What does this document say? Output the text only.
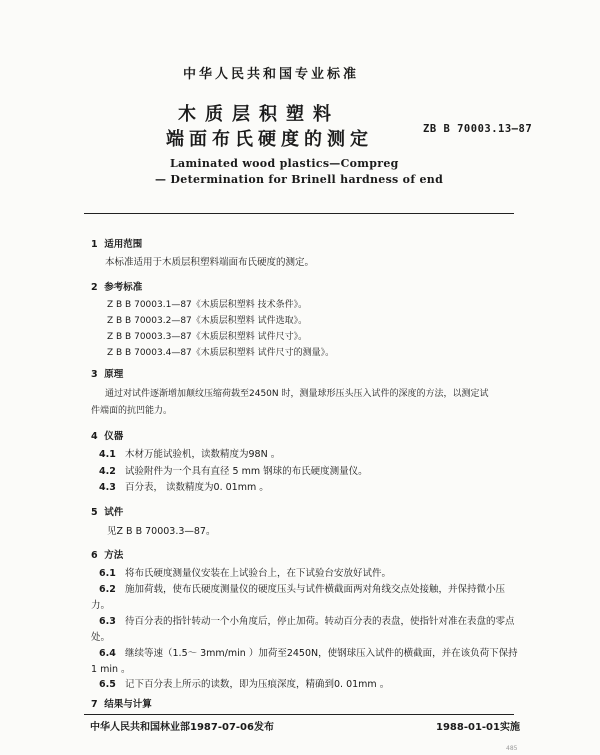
中华人民共和国专业标准
木质层积塑料
端面布氏硬度的测定	ZB B 70003.13—87
Laminated wood plastics—Compreg
— Determination for Brinell hardness of end
1 适用范围
本标准适用于木质层积塑料端面布氏硬度的测定。
2 参考标准
Z B B 70003.1—87《木质层积塑料 技术条件》。
Z B B 70003.2—87《木质层积塑料 试件选取》。
Z B B 70003.3—87《木质层积塑料 试件尺寸》。
Z B B 70003.4—87《木质层积塑料 试件尺寸的测量》。
3 原理
通过对试件逐渐增加颠纹压缩荷载至2450N 时，测量球形压头压入试件的深度的方法，以测定试
件端面的抗凹能力。
4 仪器
4.1 木材万能试验机，读数精度为98N 。
4.2 试验附件为一个具有直径 5 mm 钢球的布氏硬度测量仪。
4.3 百分表， 读数精度为0. 01mm 。
5 试件
见Z B B 70003.3—87。
6 方法
6.1 将布氏硬度测量仪安装在上试验台上，在下试验台安放好试件。
6.2 施加荷载，使布氏硬度测量仪的硬度压头与试件横截面两对角线交点处接触，并保持微小压
力。
6.3 待百分表的指针转动一个小角度后，停止加荷。转动百分表的表盘，使指针对准在表盘的零点
处。
6.4 继续等速（1.5～ 3mm/min ）加荷至2450N，使钢球压入试件的横截面，并在该负荷下保持
1 min 。
6.5 记下百分表上所示的读数，即为压痕深度，精确到0. 01mm 。
7 结果与计算
中华人民共和国林业部1987-07-06发布	1988-01-01实施
485
